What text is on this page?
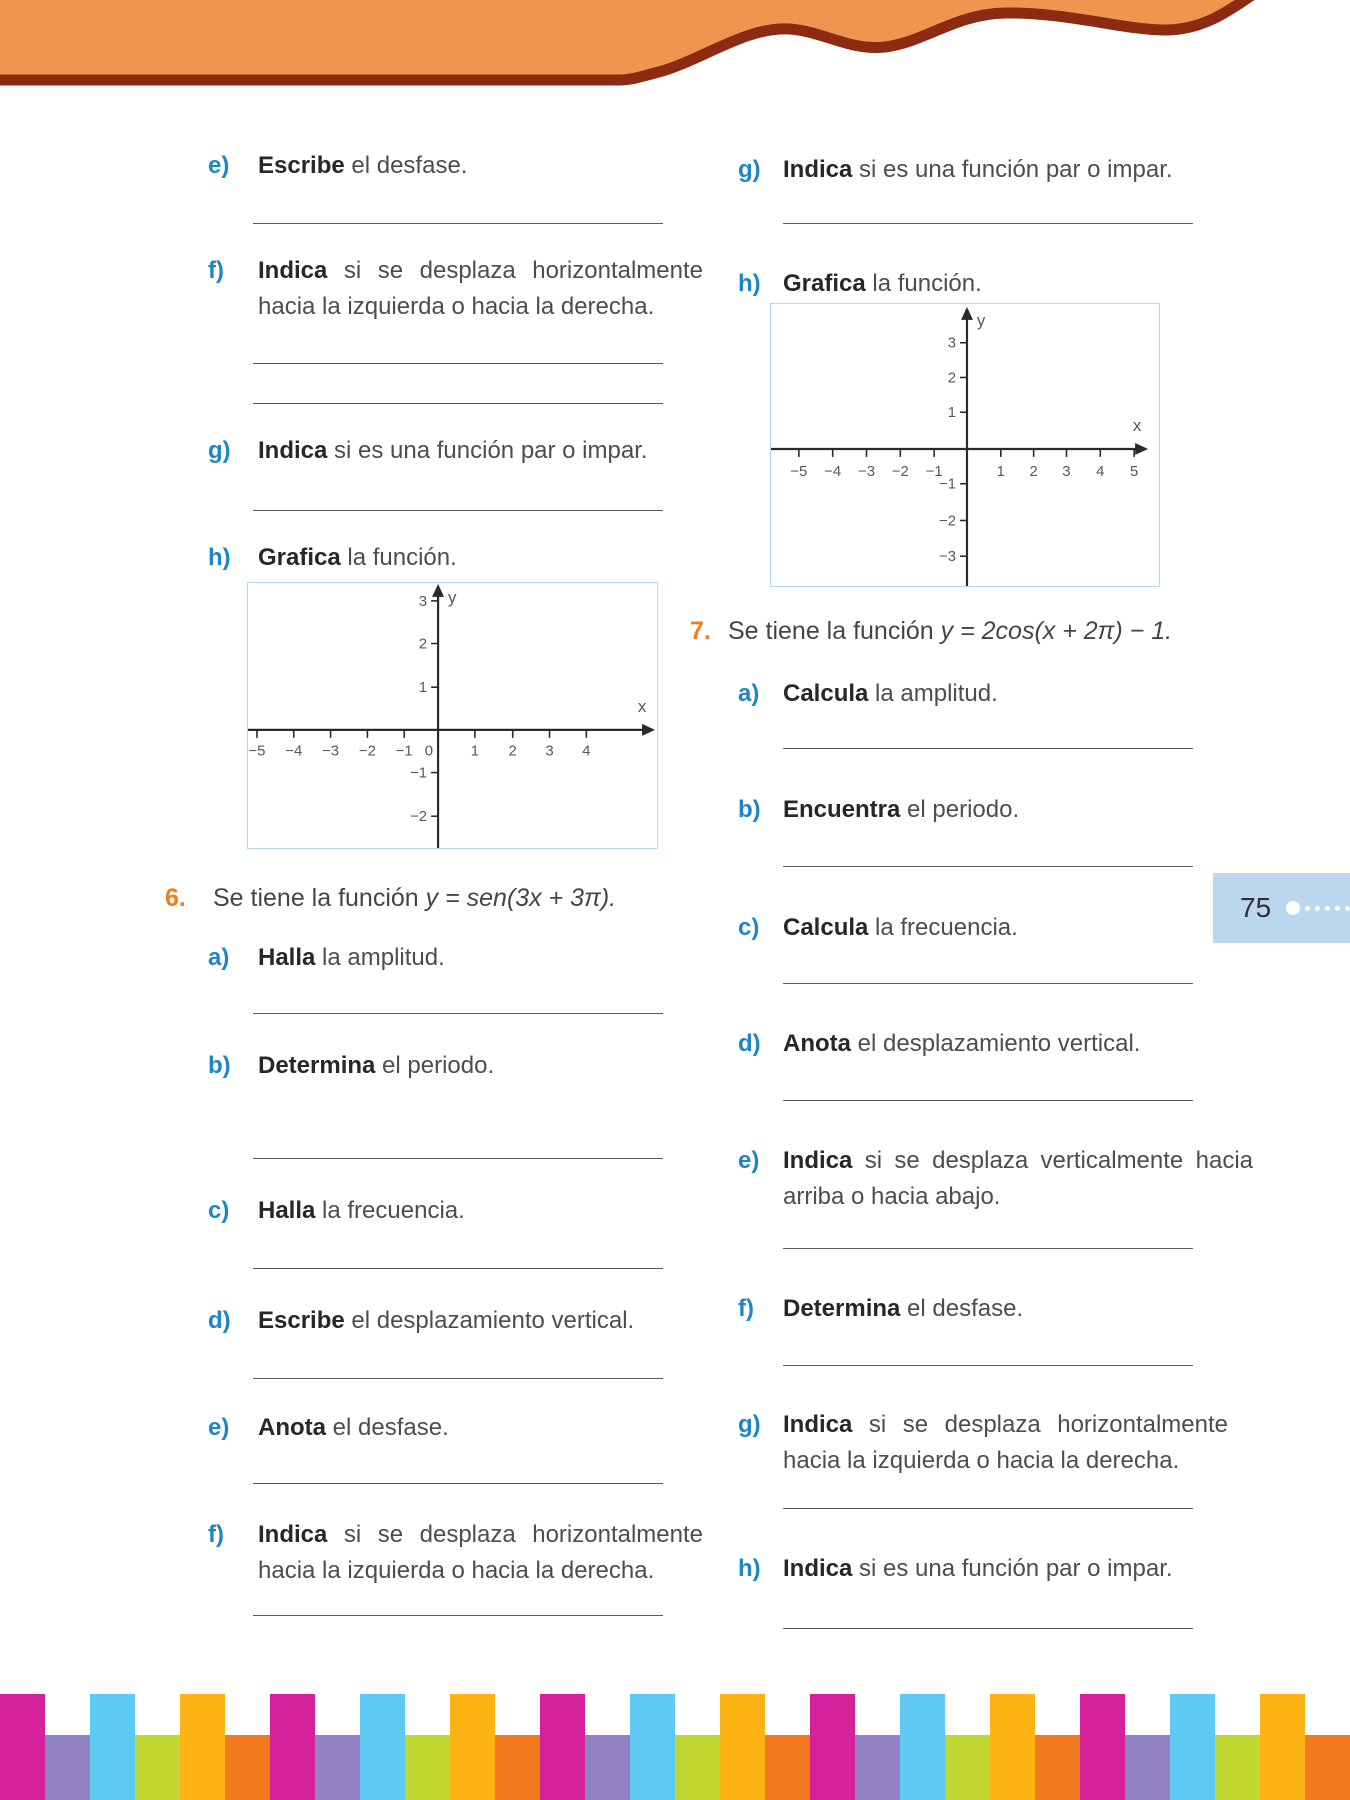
e)	Escribe el desfase.
f)	Indica si se desplaza horizontalmente hacia la izquierda o hacia la derecha.
g)	Indica si es una función par o impar.
h)	Grafica la función.
−5 −4 −3 −2 −1 0	1 2 3 4
3
2
1
−1
−2
y
x
6.	Se tiene la función y = sen(3x + 3π).
a)	Halla la amplitud.
b)	Determina el periodo.
c)	Halla la frecuencia.
d)	Escribe el desplazamiento vertical.
e)	Anota el desfase.
f)	Indica si se desplaza horizontalmente hacia la izquierda o hacia la derecha.
g) Indica si es una función par o impar.
h) Grafica la función.
−5 −4 −3 −2 −1	1 2 3 4 5
3
2
1
−1
−2
−3
y
x
7. Se tiene la función y = 2cos(x + 2π) − 1.
a) Calcula la amplitud.
b) Encuentra el periodo.
c) Calcula la frecuencia.
d) Anota el desplazamiento vertical.
e) Indica si se desplaza verticalmente hacia arriba o hacia abajo.
f)	Determina el desfase.
g) Indica si se desplaza horizontalmente hacia la izquierda o hacia la derecha.
h) Indica si es una función par o impar.
75
